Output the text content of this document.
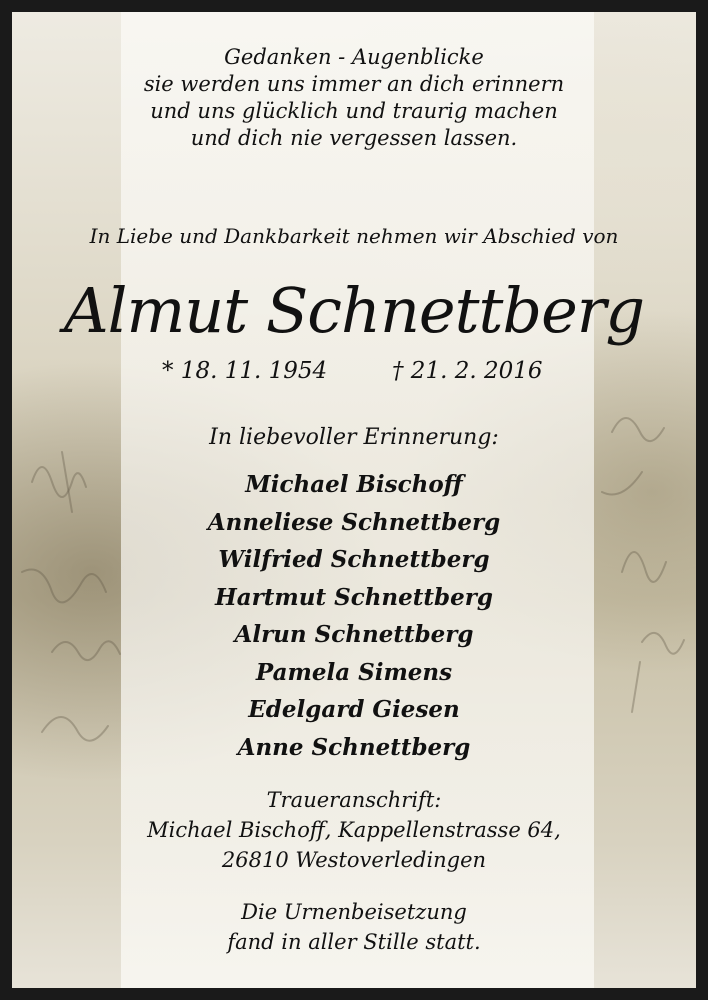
Gedanken - Augenblicke
sie werden uns immer an dich erinnern
und uns glücklich und traurig machen
und dich nie vergessen lassen.
In Liebe und Dankbarkeit nehmen wir Abschied von
Almut Schnettberg
* 18. 11. 1954	† 21. 2. 2016
In liebevoller Erinnerung:
Michael Bischoff
Anneliese Schnettberg
Wilfried Schnettberg
Hartmut Schnettberg
Alrun Schnettberg
Pamela Simens
Edelgard Giesen
Anne Schnettberg
Traueranschrift:
Michael Bischoff, Kappellenstrasse 64,
26810 Westoverledingen
Die Urnenbeisetzung
fand in aller Stille statt.
